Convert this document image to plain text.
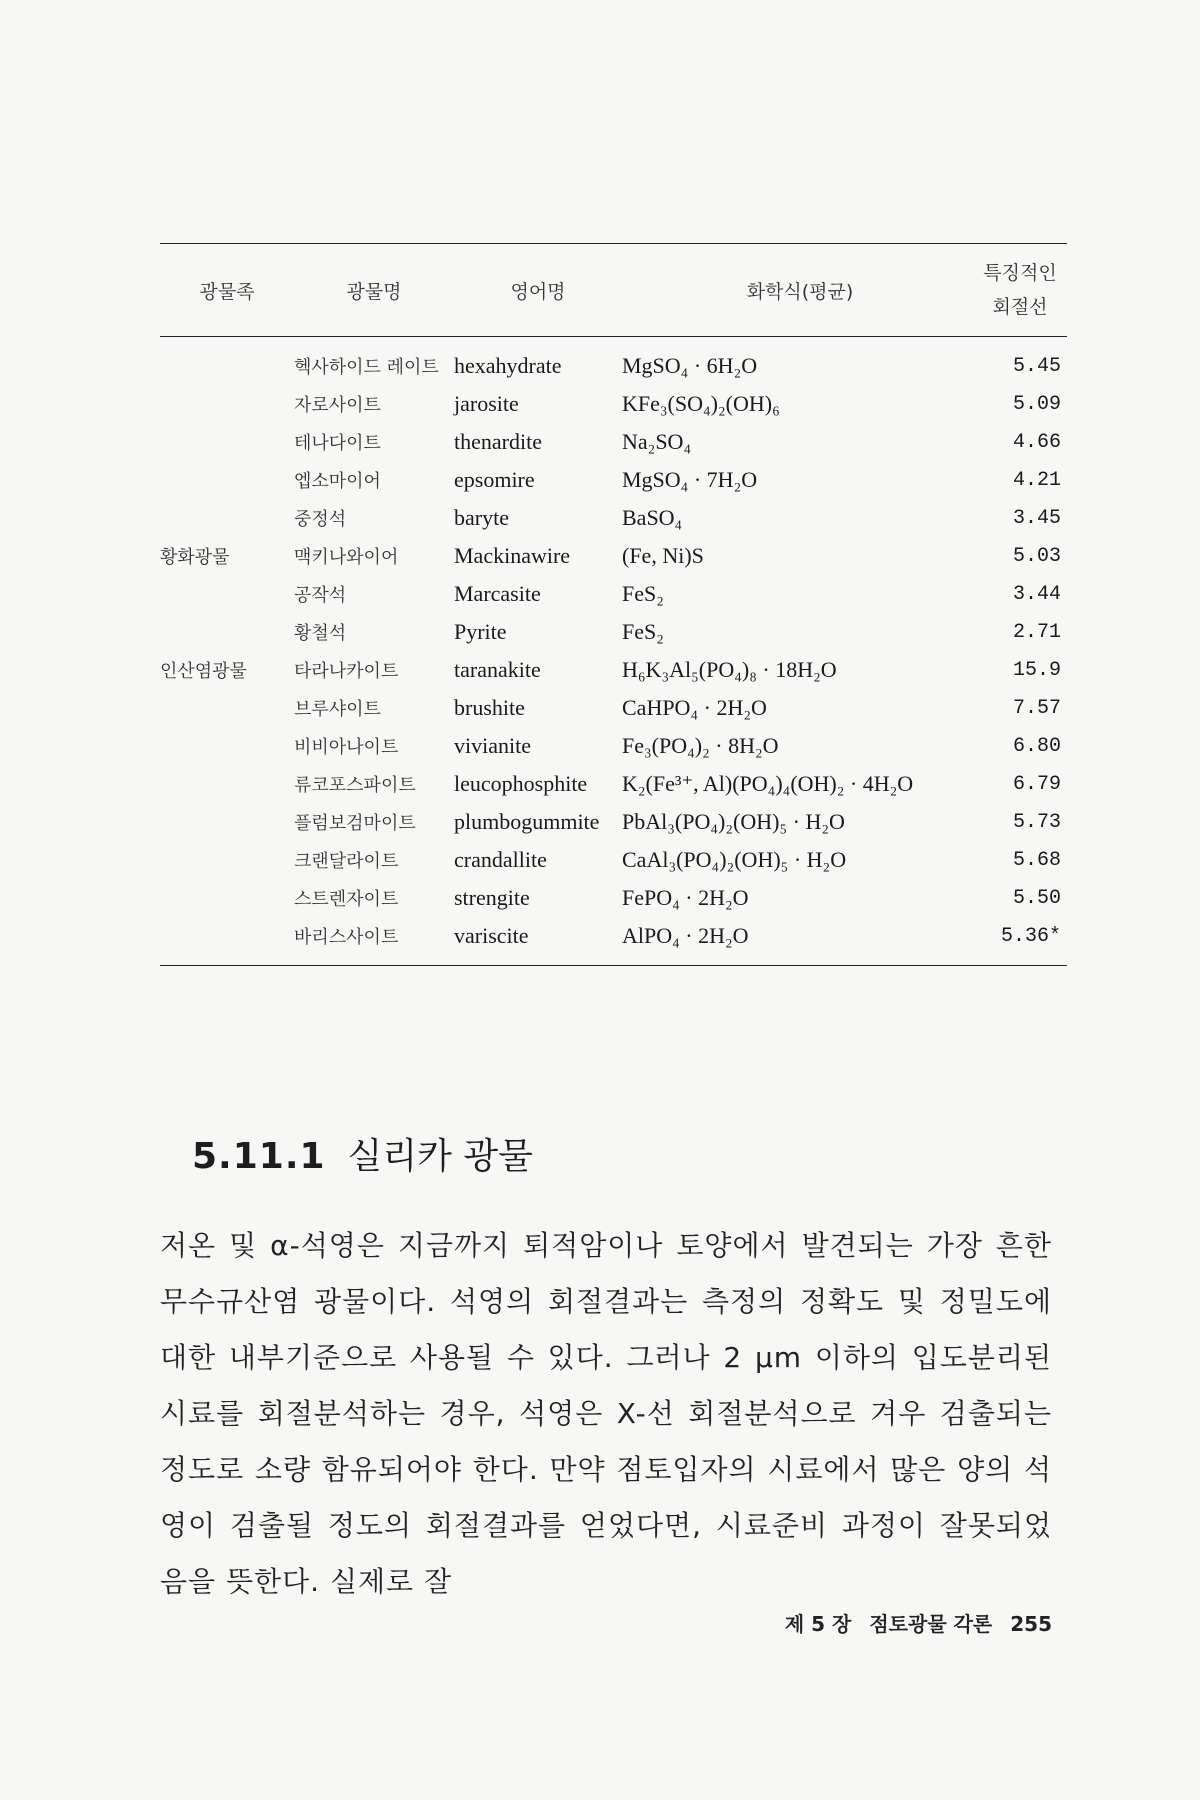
광물족	광물명	영어명	화학식(평균)	특징적인
회절선

	헥사하이드 레이트	hexahydrate	MgSO₄ · 6H₂O	5.45
	자로사이트	jarosite	KFe₃(SO₄)₂(OH)₆	5.09
	테나다이트	thenardite	Na₂SO₄	4.66
	엡소마이어	epsomire	MgSO₄ · 7H₂O	4.21
	중정석	baryte	BaSO₄	3.45
황화광물	맥키나와이어	Mackinawire	(Fe, Ni)S	5.03
	공작석	Marcasite	FeS₂	3.44
	황철석	Pyrite	FeS₂	2.71
인산염광물	타라나카이트	taranakite	H₆K₃Al₅(PO₄)₈ · 18H₂O	15.9
	브루샤이트	brushite	CaHPO₄ · 2H₂O	7.57
	비비아나이트	vivianite	Fe₃(PO₄)₂ · 8H₂O	6.80
	류코포스파이트	leucophosphite	K₂(Fe³⁺, Al)(PO₄)₄(OH)₂ · 4H₂O	6.79
	플럼보검마이트	plumbogummite	PbAl₃(PO₄)₂(OH)₅ · H₂O	5.73
	크랜달라이트	crandallite	CaAl₃(PO₄)₂(OH)₅ · H₂O	5.68
	스트렌자이트	strengite	FePO₄ · 2H₂O	5.50
	바리스사이트	variscite	AlPO₄ · 2H₂O	5.36*
5.11.1 실리카 광물

저온 및 α-석영은 지금까지 퇴적암이나 토양에서 발견되는 가장 흔한 무수규산염 광물이다. 석영의 회절결과는 측정의 정확도 및 정밀도에 대한 내부기준으로 사용될 수 있다. 그러나 2 μm 이하의 입도분리된 시료를 회절분석하는 경우, 석영은 X-선 회절분석으로 겨우 검출되는 정도로 소량 함유되어야 한다. 만약 점토입자의 시료에서 많은 양의 석영이 검출될 정도의 회절결과를 얻었다면, 시료준비 과정이 잘못되었음을 뜻한다. 실제로 잘

제 5 장 점토광물 각론 255
